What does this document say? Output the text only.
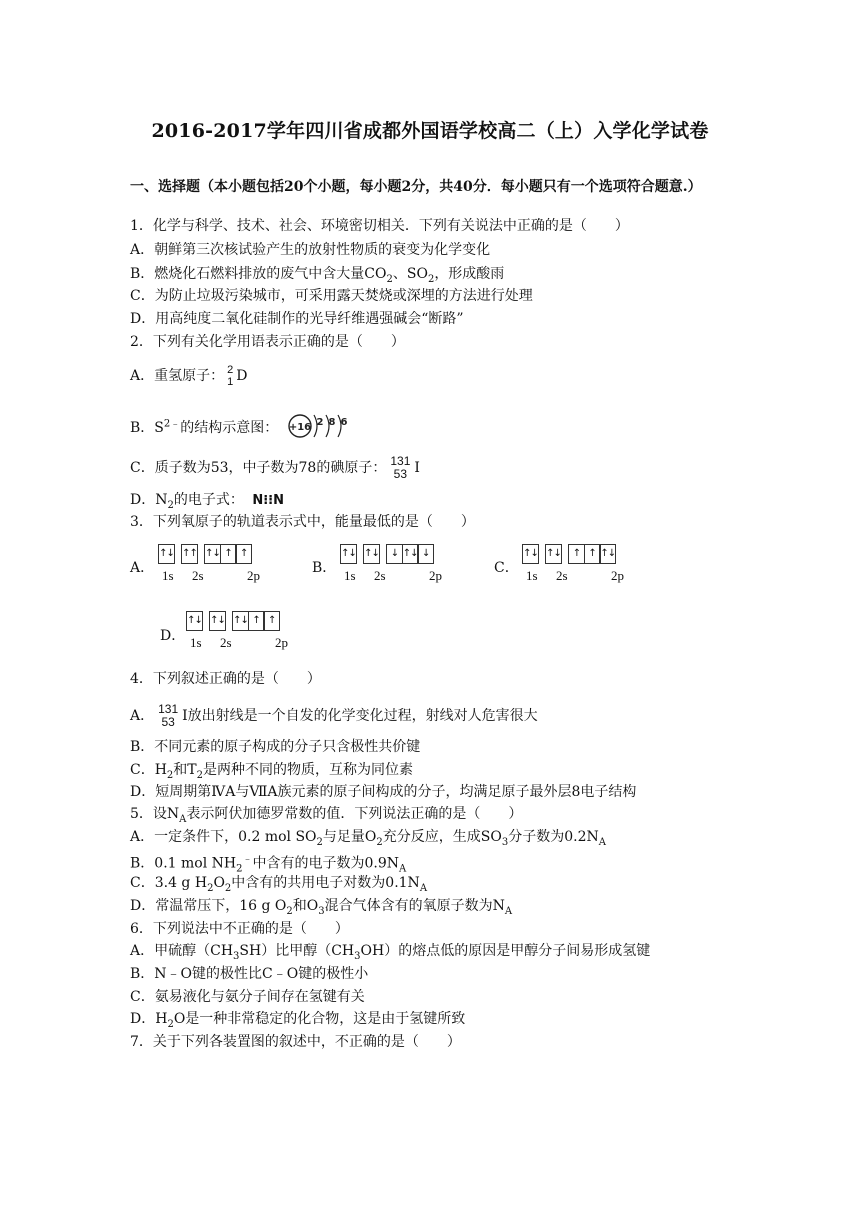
2016-2017学年四川省成都外国语学校高二（上）入学化学试卷
一、选择题（本小题包括20个小题，每小题2分，共40分．每小题只有一个选项符合题意.）
1．化学与科学、技术、社会、环境密切相关．下列有关说法中正确的是（　　）
A．朝鲜第三次核试验产生的放射性物质的衰变为化学变化
B．燃烧化石燃料排放的废气中含大量$CO_2$、$SO_2$，形成酸雨
C．为防止垃圾污染城市，可采用露天焚烧或深埋的方法进行处理
D．用高纯度二氧化硅制作的光导纤维遇强碱会“断路”
2．下列有关化学用语表示正确的是（　　）
A．重氢原子： 2
1 D
B．$S^{2﹣}$的结构示意图： +16 2 8 6
C．质子数为53，中子数为78的碘原子： 131
53 I
D．$N_2$的电子式： N⁝⁝N
3．下列氧原子的轨道表示式中，能量最低的是（　　）
A．
↑↓ ↑↑ ↑↓ ↑ ↑
1s 2s	2p	B．
↑↓ ↑↓	↓ ↑↓ ↓
1s 2s	2p	C．
↑↓ ↑↓	↑ ↑ ↑↓
1s 2s	2p
D．
↑↓ ↑↓ ↑↓ ↑ ↑
1s 2s	2p
4．下列叙述正确的是（　　）
A． 131
53 I放出射线是一个自发的化学变化过程，射线对人危害很大
B．不同元素的原子构成的分子只含极性共价键
C．$H_2$和$T_2$是两种不同的物质，互称为同位素
D．短周期第ⅣA与ⅦA族元素的原子间构成的分子，均满足原子最外层8电子结构
5．设$N_A$表示阿伏加德罗常数的值．下列说法正确的是（　　）
A．一定条件下，0.2 mol $SO_2$与足量$O_2$充分反应，生成$SO_3$分子数为$0.2N_A$
B．0.1 mol $NH_2^﹣$中含有的电子数为$0.9N_A$
C．3.4 g $H_2O_2$中含有的共用电子对数为$0.1N_A$
D．常温常压下，16 g $O_2$和$O_3$混合气体含有的氧原子数为$N_A$
6．下列说法中不正确的是（　　）
A．甲硫醇$(CH_3SH)$比甲醇$(CH_3OH)$的熔点低的原因是甲醇分子间易形成氢键
B．N﹣O键的极性比C﹣O键的极性小
C．氨易液化与氨分子间存在氢键有关
D．$H_2O$是一种非常稳定的化合物，这是由于氢键所致
7．关于下列各装置图的叙述中，不正确的是（　　）
